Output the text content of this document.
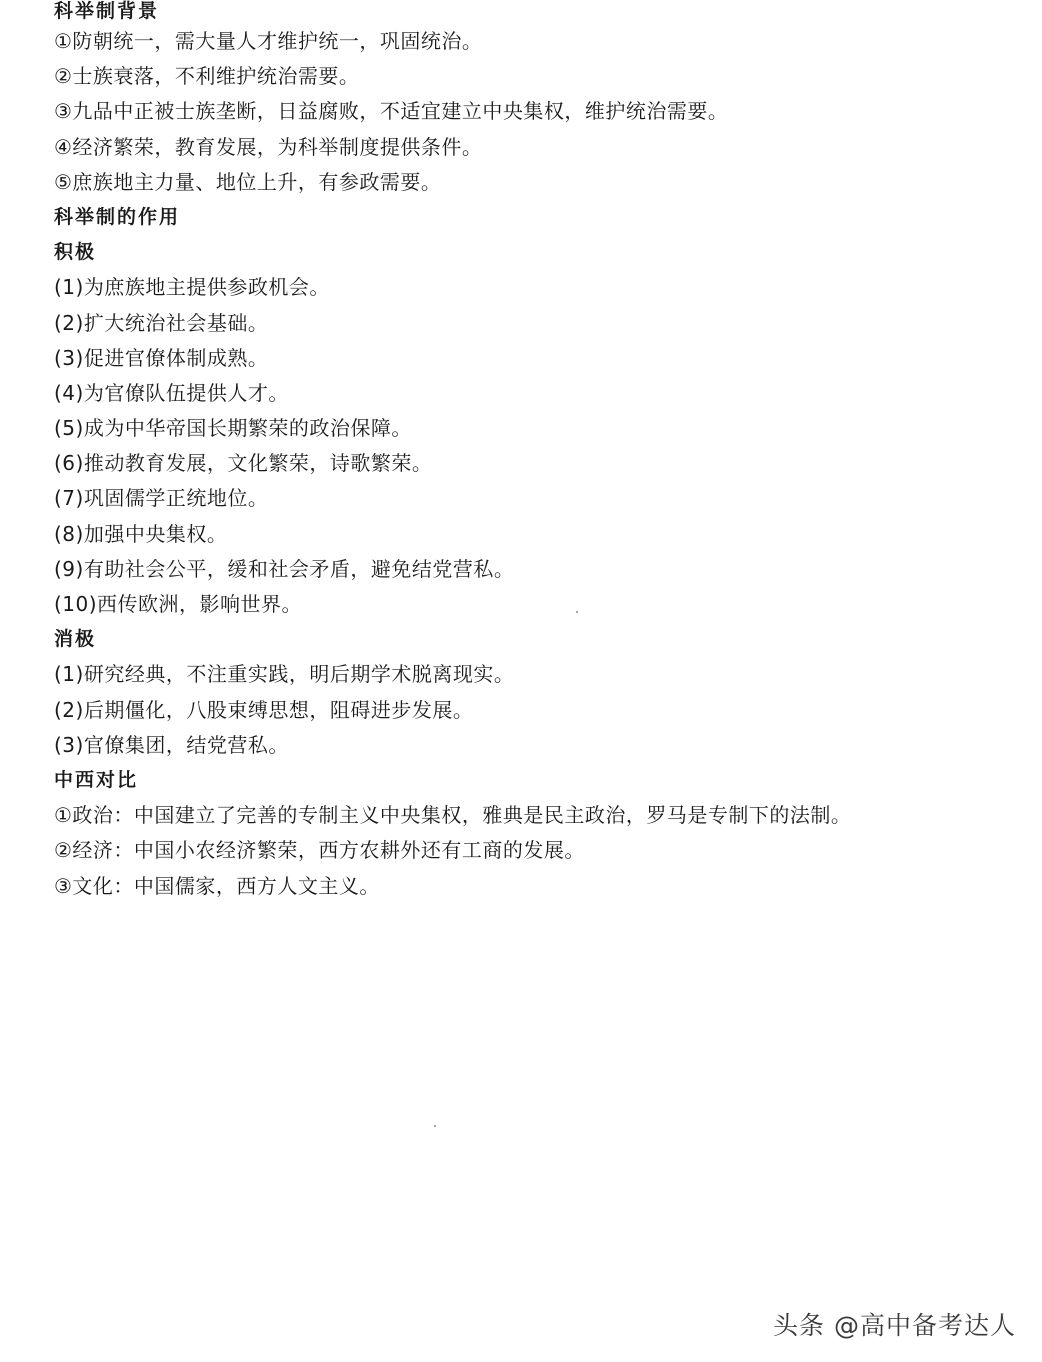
科举制背景
①防朝统一，需大量人才维护统一，巩固统治。
②士族衰落，不利维护统治需要。
③九品中正被士族垄断，日益腐败，不适宜建立中央集权，维护统治需要。
④经济繁荣，教育发展，为科举制度提供条件。
⑤庶族地主力量、地位上升，有参政需要。
科举制的作用
积极
(1)为庶族地主提供参政机会。
(2)扩大统治社会基础。
(3)促进官僚体制成熟。
(4)为官僚队伍提供人才。
(5)成为中华帝国长期繁荣的政治保障。
(6)推动教育发展，文化繁荣，诗歌繁荣。
(7)巩固儒学正统地位。
(8)加强中央集权。
(9)有助社会公平，缓和社会矛盾，避免结党营私。
(10)西传欧洲，影响世界。
消极
(1)研究经典，不注重实践，明后期学术脱离现实。
(2)后期僵化，八股束缚思想，阻碍进步发展。
(3)官僚集团，结党营私。
中西对比
①政治：中国建立了完善的专制主义中央集权，雅典是民主政治，罗马是专制下的法制。
②经济：中国小农经济繁荣，西方农耕外还有工商的发展。
③文化：中国儒家，西方人文主义。
头条 @高中备考达人
